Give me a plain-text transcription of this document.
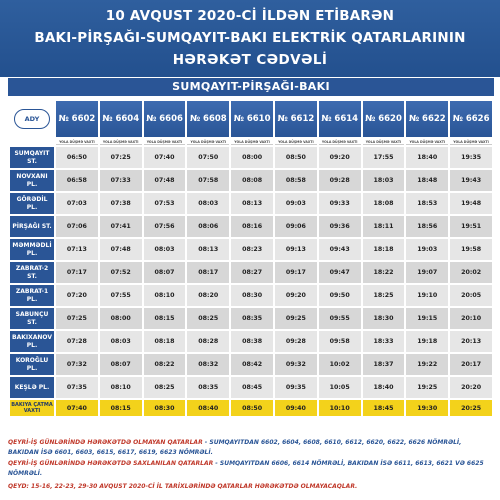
10 AVQUST 2020-Cİ İLDƏN ETİBARƏN
BAKI-PİRŞAĞI-SUMQAYIT-BAKI ELEKTRİK QATARLARININ
HƏRƏKƏT CƏDVƏLİ
SUMQAYIT-PİRŞAĞI-BAKI
ADY	№ 6602	№ 6604	№ 6606	№ 6608	№ 6610	№ 6612	№ 6614	№ 6620	№ 6622	№ 6626
	YOLA DÜŞMƏ VAXTI	YOLA DÜŞMƏ VAXTI	YOLA DÜŞMƏ VAXTI	YOLA DÜŞMƏ VAXTI	YOLA DÜŞMƏ VAXTI	YOLA DÜŞMƏ VAXTI	YOLA DÜŞMƏ VAXTI	YOLA DÜŞMƏ VAXTI	YOLA DÜŞMƏ VAXTI	YOLA DÜŞMƏ VAXTI
SUMQAYIT ST.	06:50	07:25	07:40	07:50	08:00	08:50	09:20	17:55	18:40	19:35
NOVXANI PL.	06:58	07:33	07:48	07:58	08:08	08:58	09:28	18:03	18:48	19:43
GÖRƏDİL PL.	07:03	07:38	07:53	08:03	08:13	09:03	09:33	18:08	18:53	19:48
PİRŞAĞI ST.	07:06	07:41	07:56	08:06	08:16	09:06	09:36	18:11	18:56	19:51
MƏMMƏDLİ PL.	07:13	07:48	08:03	08:13	08:23	09:13	09:43	18:18	19:03	19:58
ZABRAT-2 ST.	07:17	07:52	08:07	08:17	08:27	09:17	09:47	18:22	19:07	20:02
ZABRAT-1 PL.	07:20	07:55	08:10	08:20	08:30	09:20	09:50	18:25	19:10	20:05
SABUNÇU ST.	07:25	08:00	08:15	08:25	08:35	09:25	09:55	18:30	19:15	20:10
BAKIXANOV PL.	07:28	08:03	08:18	08:28	08:38	09:28	09:58	18:33	19:18	20:13
KOROĞLU PL.	07:32	08:07	08:22	08:32	08:42	09:32	10:02	18:37	19:22	20:17
KEŞLƏ PL.	07:35	08:10	08:25	08:35	08:45	09:35	10:05	18:40	19:25	20:20
BAKIYA ÇATMA VAXTI	07:40	08:15	08:30	08:40	08:50	09:40	10:10	18:45	19:30	20:25
QEYRİ-İŞ GÜNLƏRİNDƏ HƏRƏKƏTDƏ OLMAYAN QATARLAR - SUMQAYITDAN 6602, 6604, 6608, 6610, 6612, 6620, 6622, 6626 NÖMRƏLİ, BAKIDAN İSƏ 6601, 6603, 6615, 6617, 6619, 6623 NÖMRƏLİ.
QEYRİ-İŞ GÜNLƏRİNDƏ HƏRƏKƏTDƏ SAXLANILAN QATARLAR - SUMQAYITDAN 6606, 6614 NÖMRƏLİ, BAKIDAN İSƏ 6611, 6613, 6621 VƏ 6625 NÖMRƏLİ.
QEYD: 15-16, 22-23, 29-30 AVQUST 2020-Cİ İL TARİXLƏRİNDƏ QATARLAR HƏRƏKƏTDƏ OLMAYACAQLAR.
